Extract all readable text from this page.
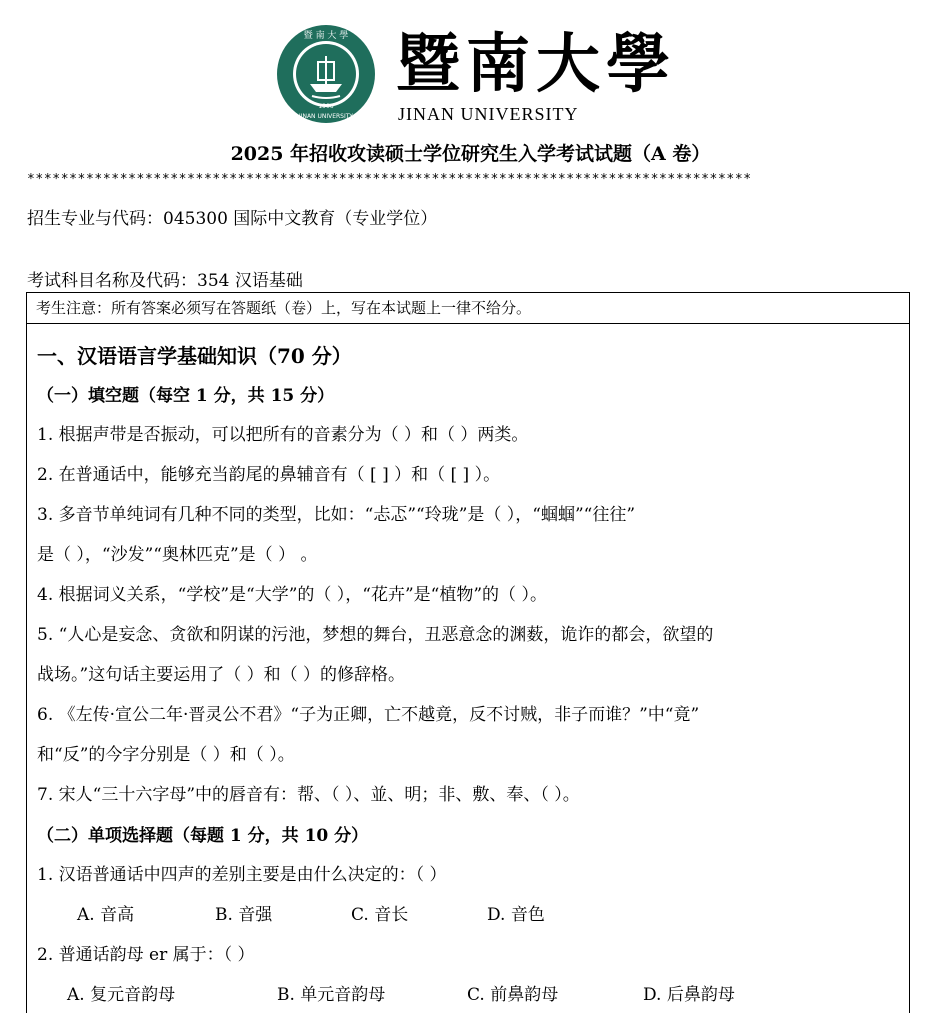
暨 南 大 學
JINAN UNIVERSITY
1906
暨南大學
JINAN UNIVERSITY
2025 年招收攻读硕士学位研究生入学考试试题（A 卷）
**************************************************************************************
招生专业与代码：045300 国际中文教育（专业学位）
考试科目名称及代码：354 汉语基础
考生注意：所有答案必须写在答题纸（卷）上，写在本试题上一律不给分。
一、汉语语言学基础知识（70 分）
（一）填空题（每空 1 分，共 15 分）
1. 根据声带是否振动，可以把所有的音素分为（ ）和（ ）两类。
2. 在普通话中，能够充当韵尾的鼻辅音有（ [ ] ）和（ [ ] ）。
3. 多音节单纯词有几种不同的类型，比如：“忐忑”“玲珑”是（ ），“蝈蝈”“往往”
是（ ），“沙发”“奥林匹克”是（ ） 。
4. 根据词义关系，“学校”是“大学”的（ ），“花卉”是“植物”的（ ）。
5. “人心是妄念、贪欲和阴谋的污池，梦想的舞台，丑恶意念的渊薮，诡诈的都会，欲望的
战场。”这句话主要运用了（ ）和（ ）的修辞格。
6. 《左传·宣公二年·晋灵公不君》“子为正卿，亡不越竟，反不讨贼，非子而谁？”中“竟”
和“反”的今字分别是（ ）和（ ）。
7. 宋人“三十六字母”中的唇音有：帮、（ ）、並、明；非、敷、奉、（ ）。
（二）单项选择题（每题 1 分，共 10 分）
1. 汉语普通话中四声的差别主要是由什么决定的：（ ）
A. 音高	B. 音强	C. 音长	D. 音色
2. 普通话韵母 er 属于：（ ）
A. 复元音韵母	B. 单元音韵母	C. 前鼻韵母	D. 后鼻韵母
